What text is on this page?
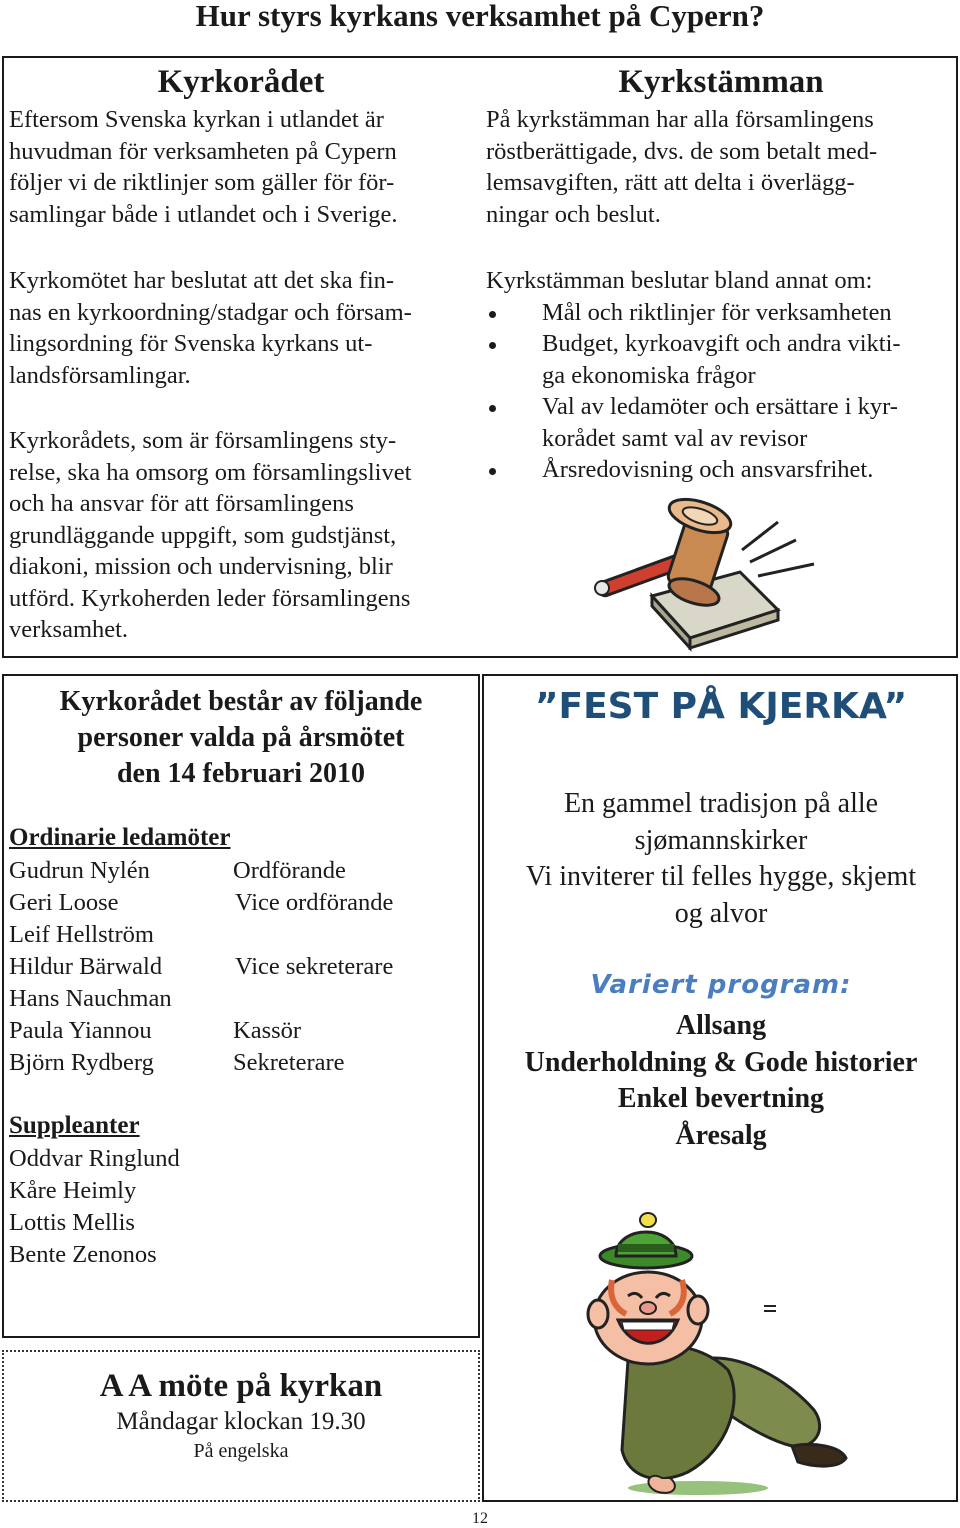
Hur styrs kyrkans verksamhet på Cypern?
Kyrkorådet

Eftersom Svenska kyrkan i utlandet är

huvudman för verksamheten på Cypern

följer vi de riktlinjer som gäller för för-

samlingar både i utlandet och i Sverige.

Kyrkomötet har beslutat att det ska fin-

nas en kyrkoordning/stadgar och försam-

lingsordning för Svenska kyrkans ut-

landsförsamlingar.

Kyrkorådets, som är församlingens sty-

relse, ska ha omsorg om församlingslivet

och ha ansvar för att församlingens

grundläggande uppgift, som gudstjänst,

diakoni, mission och undervisning, blir

utförd. Kyrkoherden leder församlingens

verksamhet.

Kyrkstämman

På kyrkstämman har alla församlingens

röstberättigade, dvs. de som betalt med-

lemsavgiften, rätt att delta i överlägg-

ningar och beslut.

Kyrkstämman beslutar bland annat om:

Mål och riktlinjer för verksamheten
Budget, kyrkoavgift och andra vikti-
ga ekonomiska frågor
Val av ledamöter och ersättare i kyr-
korådet samt val av revisor
Årsredovisning och ansvarsfrihet.
Kyrkorådet består av följande
personer valda på årsmötet
den 14 februari 2010
Ordinarie ledamöter
Gudrun Nylén	Ordförande
Geri Loose	Vice ordförande
Leif Hellström
Hildur Bärwald	Vice sekreterare
Hans Nauchman
Paula Yiannou	Kassör
Björn Rydberg	Sekreterare
Suppleanter
Oddvar Ringlund
Kåre Heimly
Lottis Mellis
Bente Zenonos
”FEST PÅ KJERKA”
En gammel tradisjon på alle
sjømannskirker
Vi inviterer til felles hygge, skjemt
og alvor
Variert program:
Allsang
Underholdning & Gode historier
Enkel bevertning
Åresalg
A A möte på kyrkan
Måndagar klockan 19.30
På engelska
12
